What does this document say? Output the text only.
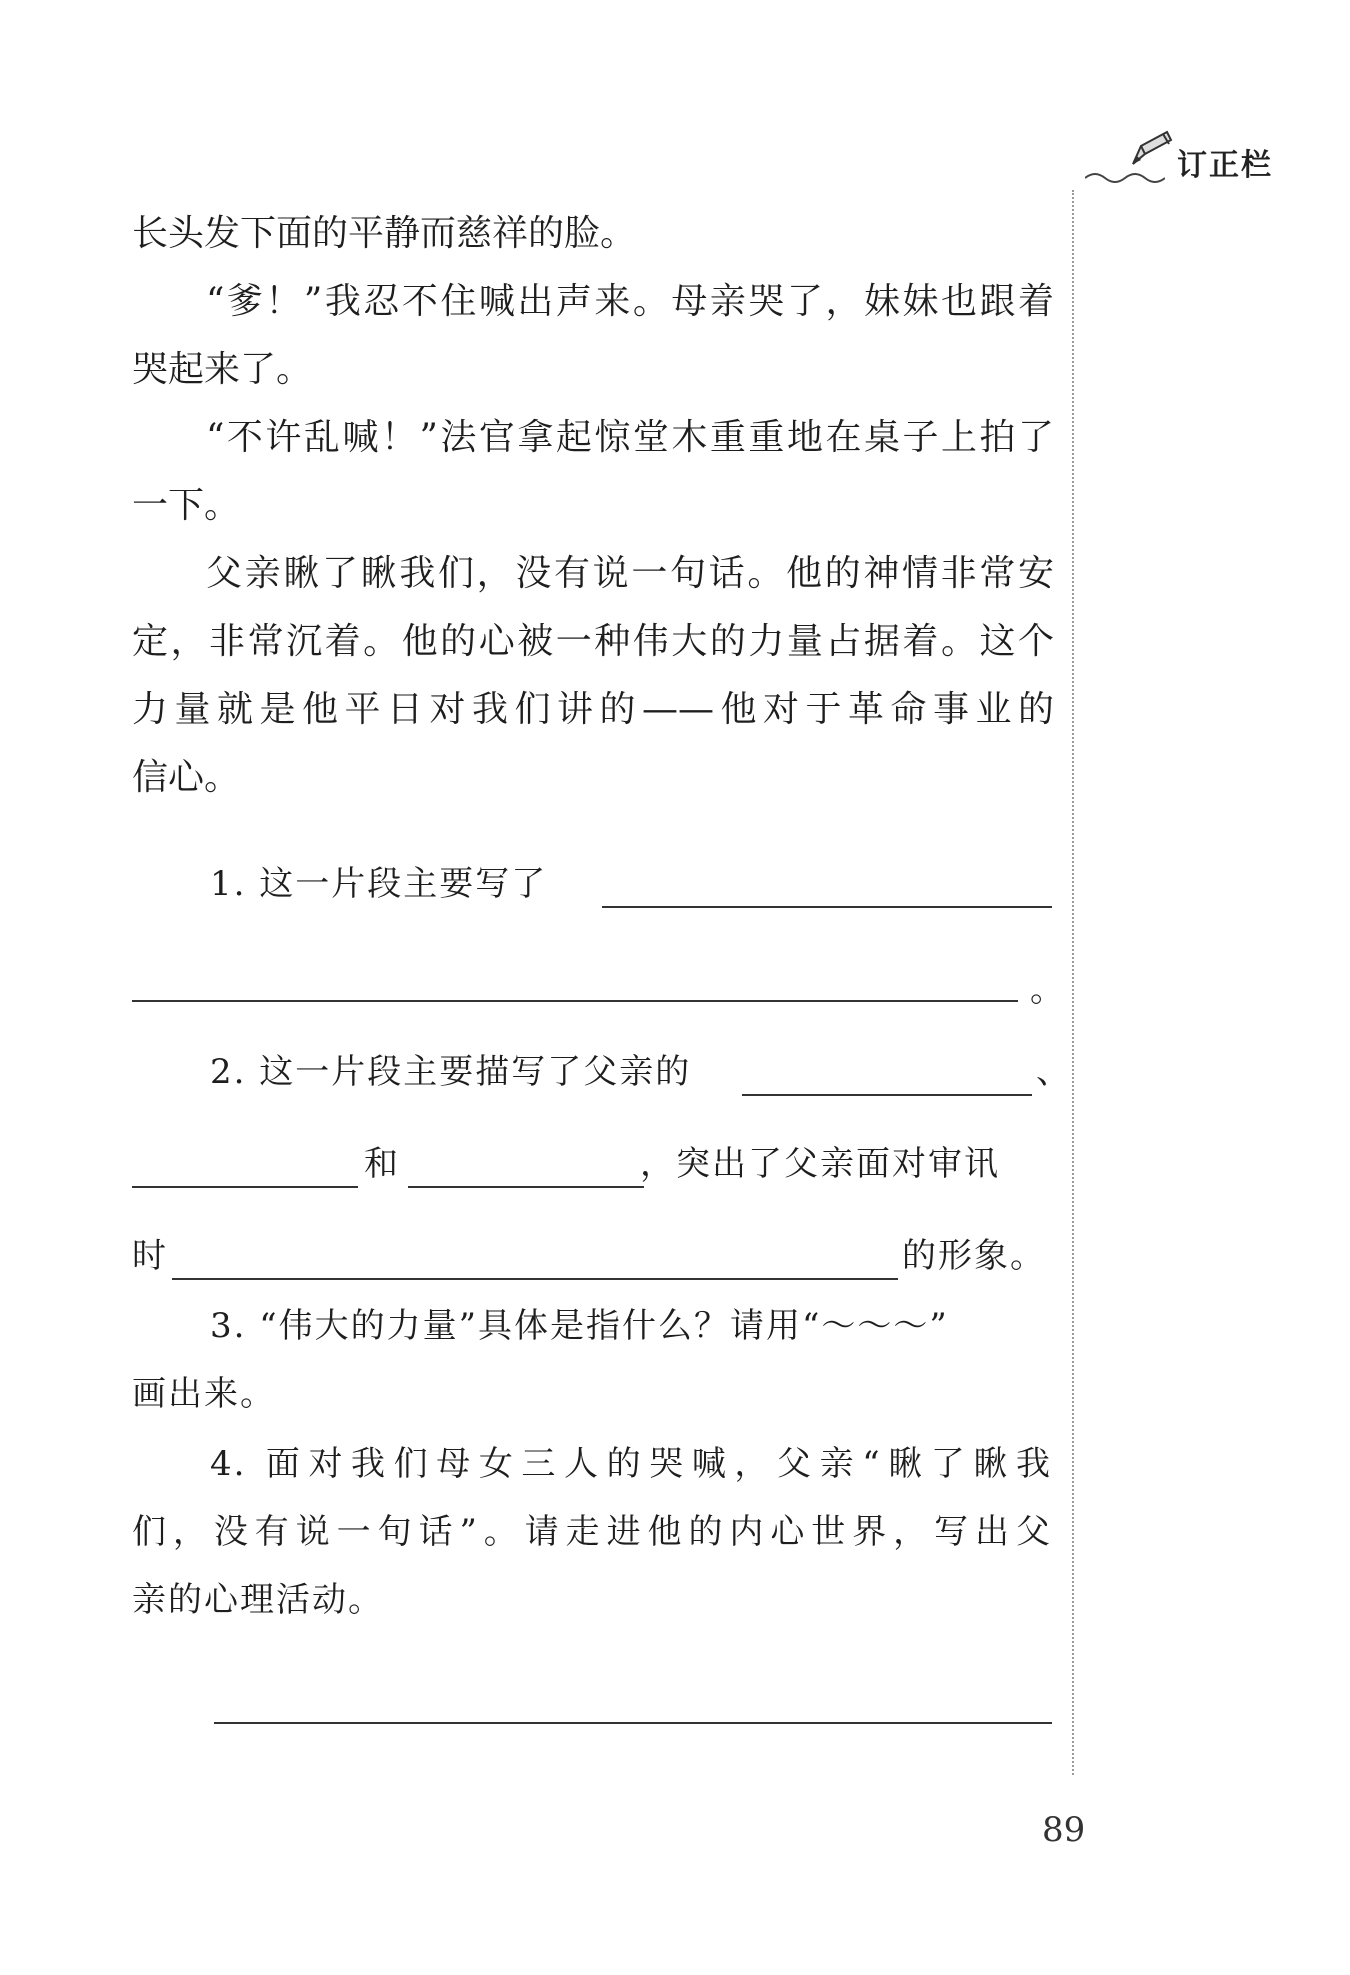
订正栏
长头发下面的平静而慈祥的脸。
“爹！”我忍不住喊出声来。母亲哭了，妹妹也跟着
哭起来了。
“不许乱喊！”法官拿起惊堂木重重地在桌子上拍了
一下。
父亲瞅了瞅我们，没有说一句话。他的神情非常安
定，非常沉着。他的心被一种伟大的力量占据着。这个
力量就是他平日对我们讲的——他对于革命事业的
信心。
1. 这一片段主要写了
。
2. 这一片段主要描写了父亲的	、
和	，突出了父亲面对审讯
时	的形象。
3. “伟大的力量”具体是指什么？请用“～～～”
画出来。
4. 面对我们母女三人的哭喊，父亲“瞅了瞅我
们，没有说一句话”。请走进他的内心世界，写出父
亲的心理活动。
89
